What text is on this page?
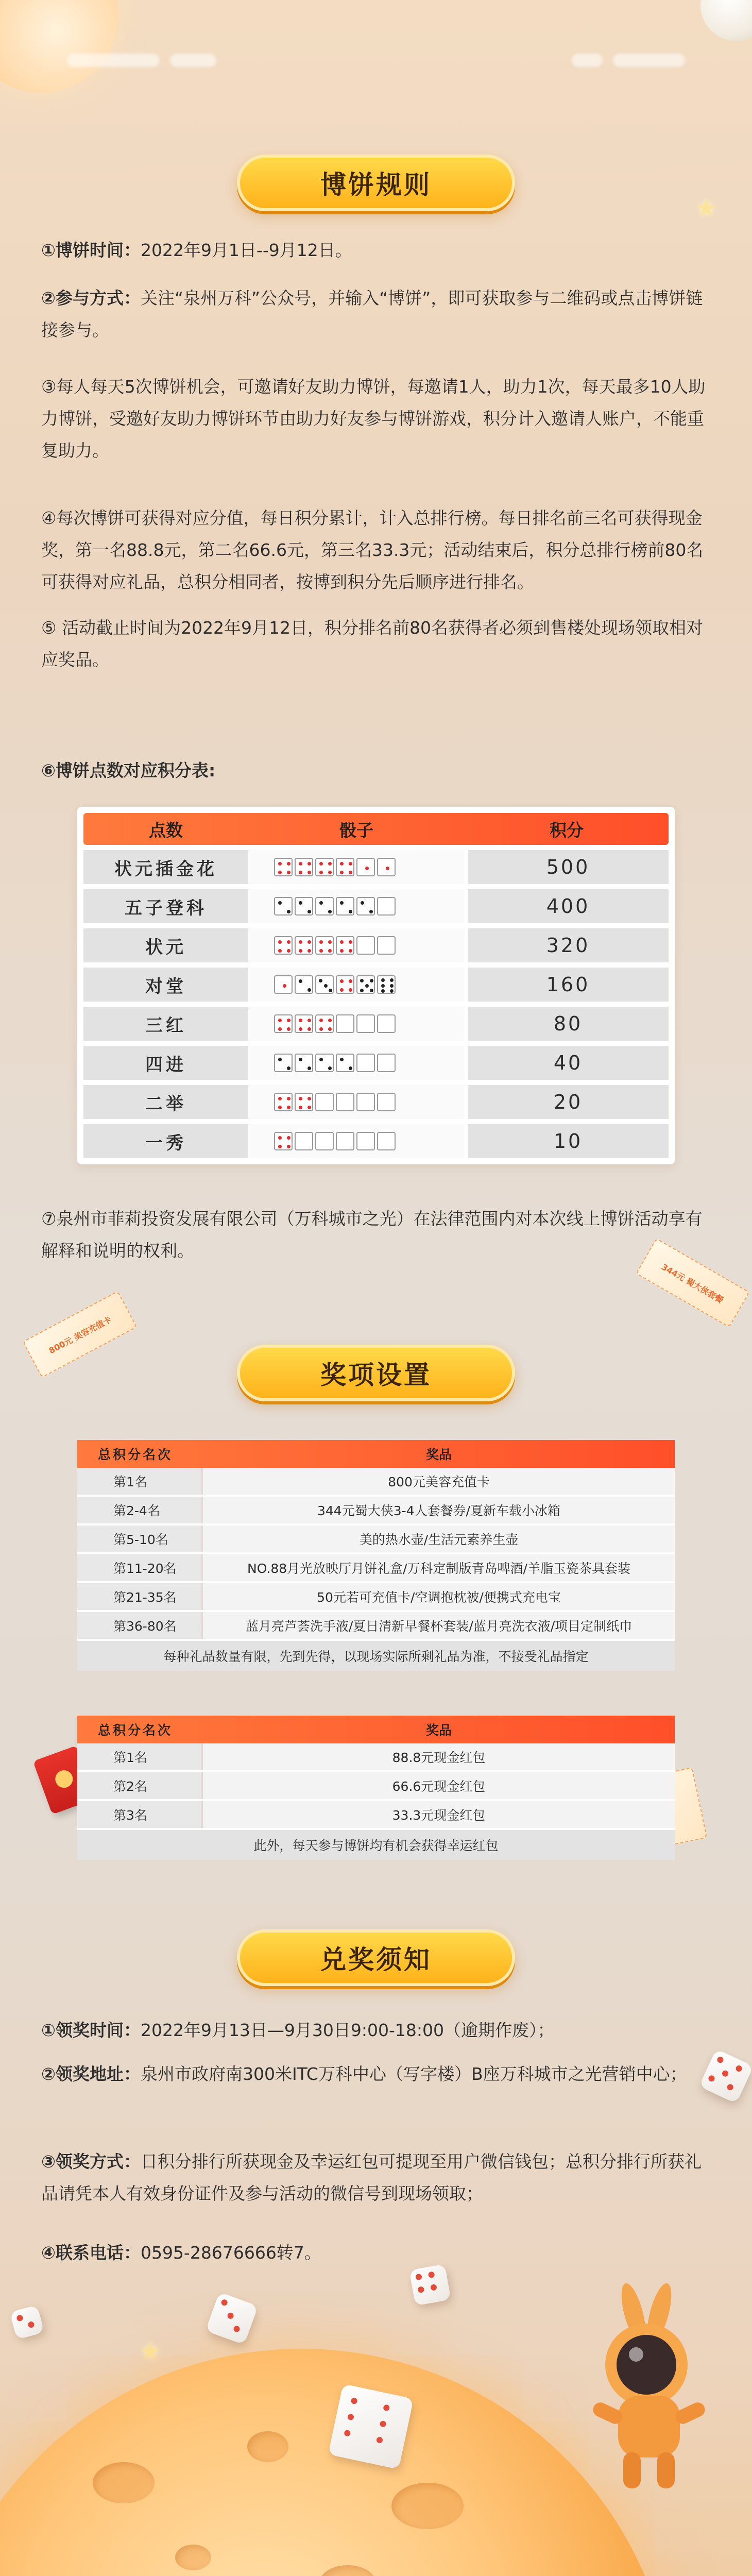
★
★
博饼规则
①博饼时间：2022年9月1日--9月12日。
②参与方式：关注“泉州万科”公众号，并输入“博饼”，即可获取参与二维码或点击博饼链接参与。
③每人每天5次博饼机会，可邀请好友助力博饼，每邀请1人，助力1次，每天最多10人助力博饼，受邀好友助力博饼环节由助力好友参与博饼游戏，积分计入邀请人账户，不能重复助力。
④每次博饼可获得对应分值，每日积分累计，计入总排行榜。每日排名前三名可获得现金奖，第一名88.8元，第二名66.6元，第三名33.3元；活动结束后，积分总排行榜前80名可获得对应礼品，总积分相同者，按博到积分先后顺序进行排名。
⑤ 活动截止时间为2022年9月12日，积分排名前80名获得者必须到售楼处现场领取相对应奖品。
⑥博饼点数对应积分表:
点数	骰子	积分
状元插金花	500
五子登科	400
状元	320
对堂	160
三红	80
四进	40
二举	20
一秀	10
⑦泉州市菲莉投资发展有限公司（万科城市之光）在法律范围内对本次线上博饼活动享有解释和说明的权利。
800元 美容充值卡
344元 蜀大侠套餐
奖项设置
总积分名次	奖品
第1名	800元美容充值卡
第2-4名	344元蜀大侠3-4人套餐券/夏新车载小冰箱
第5-10名	美的热水壶/生活元素养生壶
第11-20名	NO.88月光放映厅月饼礼盒/万科定制版青岛啤酒/羊脂玉瓷茶具套装
第21-35名	50元若可充值卡/空调抱枕被/便携式充电宝
第36-80名	蓝月亮芦荟洗手液/夏日清新早餐杯套装/蓝月亮洗衣液/项目定制纸巾
每种礼品数量有限，先到先得，以现场实际所剩礼品为准，不接受礼品指定
总积分名次	奖品
第1名	88.8元现金红包
第2名	66.6元现金红包
第3名	33.3元现金红包
此外，每天参与博饼均有机会获得幸运红包
兑奖须知
①领奖时间：2022年9月13日—9月30日9:00-18:00（逾期作废）；
②领奖地址：泉州市政府南300米ITC万科中心（写字楼）B座万科城市之光营销中心；
③领奖方式：日积分排行所获现金及幸运红包可提现至用户微信钱包；总积分排行所获礼品请凭本人有效身份证件及参与活动的微信号到现场领取；
④联系电话：0595-28676666转7。
